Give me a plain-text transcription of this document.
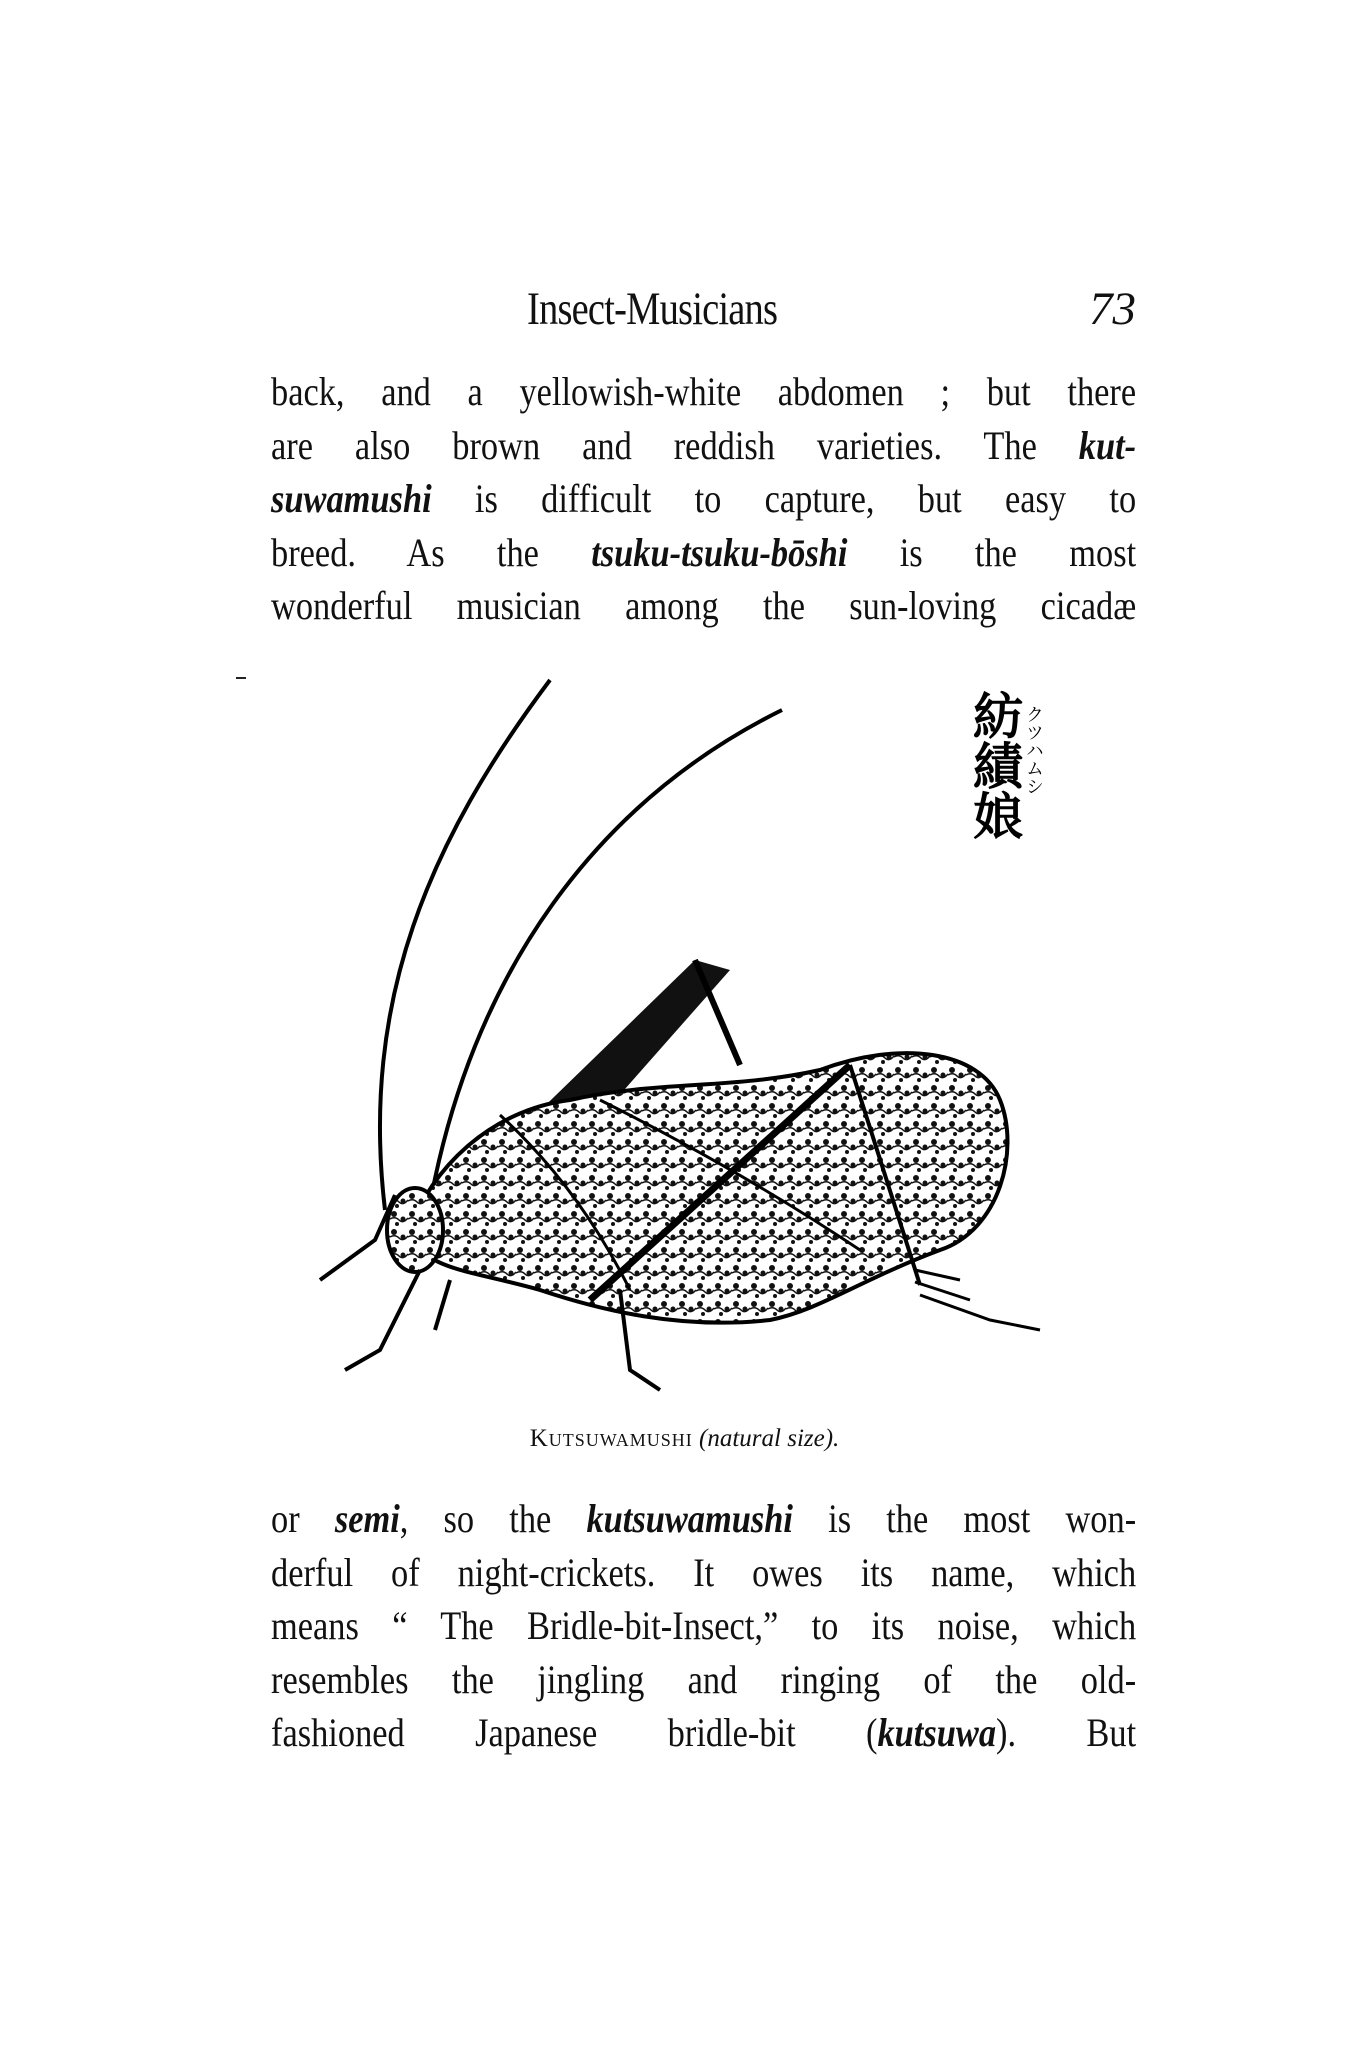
Insect-Musicians	73
back, and a yellowish-white abdomen ; but there
are also brown and reddish varieties. The kut-
suwamushi is difficult to capture, but easy to
breed. As the tsuku-tsuku-bōshi is the most
wonderful musician among the sun-loving cicadæ
紡績娘 クツハムシ
Kutsuwamushi (natural size).
or semi, so the kutsuwamushi is the most won-
derful of night-crickets. It owes its name, which
means “ The Bridle-bit-Insect,” to its noise, which
resembles the jingling and ringing of the old-
fashioned Japanese bridle-bit (kutsuwa). But
